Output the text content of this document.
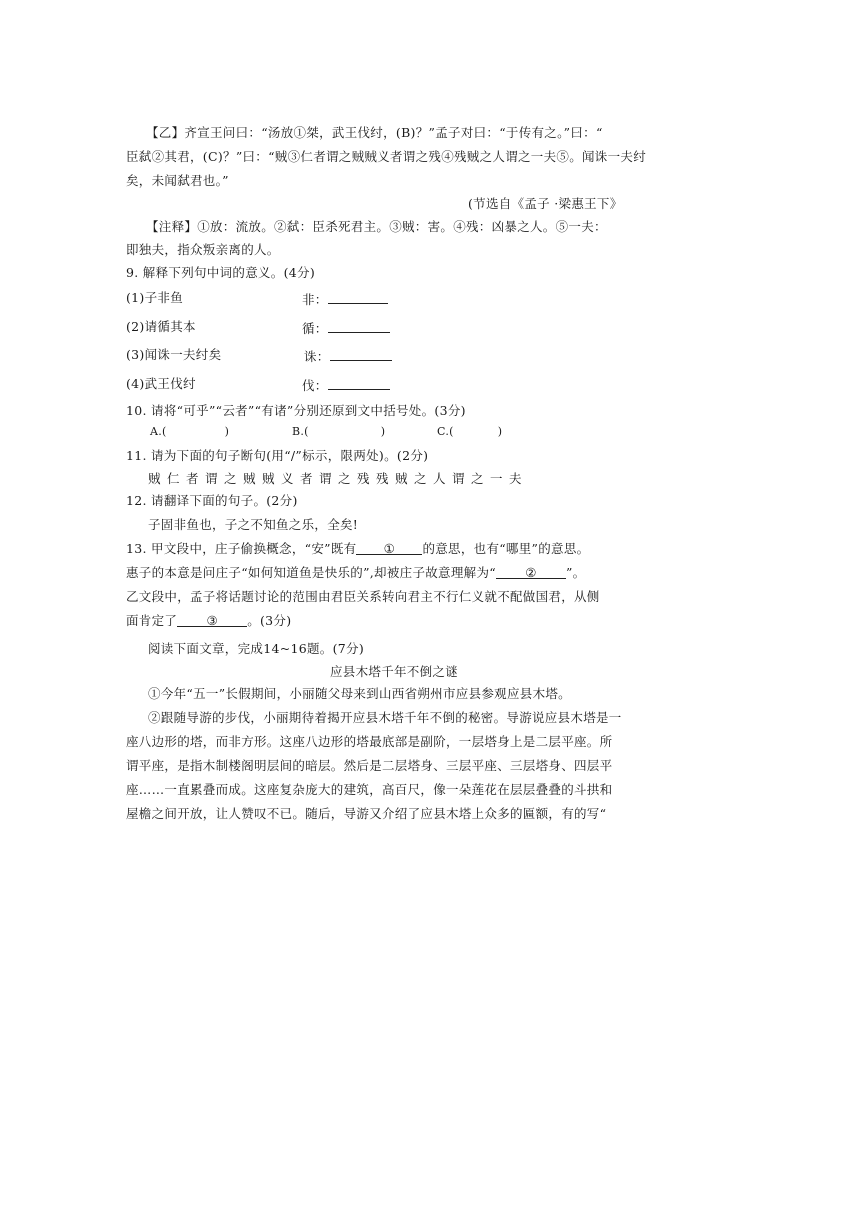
【乙】齐宣王问曰：“汤放①桀，武王伐纣，(B)？”孟子对曰：“于传有之。”曰：“
臣弑②其君，(C)？”曰：“贼③仁者谓之贼贼义者谓之残④残贼之人谓之一夫⑤。闻诛一夫纣
矣，未闻弑君也。”
(节选自《孟子 ·梁惠王下》
【注释】①放：流放。②弑：臣杀死君主。③贼：害。④残：凶暴之人。⑤一夫：
即独夫，指众叛亲离的人。
9. 解释下列句中词的意义。(4分)
(1)子非鱼	非：
(2)请循其本	循：
(3)闻诛一夫纣矣	诛：
(4)武王伐纣	伐：
10. 请将“可乎”“云者”“有诸”分别还原到文中括号处。(3分)
A.(	)	B.(	)	C.(	)
11. 请为下面的句子断句(用“/”标示，限两处)。(2分)
贼仁者谓之贼贼义者谓之残残贼之人谓之一夫
12. 请翻译下面的句子。(2分)
子固非鱼也，子之不知鱼之乐，全矣!
13. 甲文段中，庄子偷换概念，“安”既有 ① 的意思，也有“哪里”的意思。
惠子的本意是问庄子“如何知道鱼是快乐的”,却被庄子故意理解为“ ② ”。
乙文段中，孟子将话题讨论的范围由君臣关系转向君主不行仁义就不配做国君，从侧
面肯定了 ③ 。(3分)
阅读下面文章，完成14~16题。(7分)
应县木塔千年不倒之谜
①今年“五一”长假期间，小丽随父母来到山西省朔州市应县参观应县木塔。
②跟随导游的步伐，小丽期待着揭开应县木塔千年不倒的秘密。导游说应县木塔是一
座八边形的塔，而非方形。这座八边形的塔最底部是副阶，一层塔身上是二层平座。所
谓平座，是指木制楼阁明层间的暗层。然后是二层塔身、三层平座、三层塔身、四层平
座……一直累叠而成。这座复杂庞大的建筑，高百尺，像一朵莲花在层层叠叠的斗拱和
屋檐之间开放，让人赞叹不已。随后，导游又介绍了应县木塔上众多的匾额，有的写“
